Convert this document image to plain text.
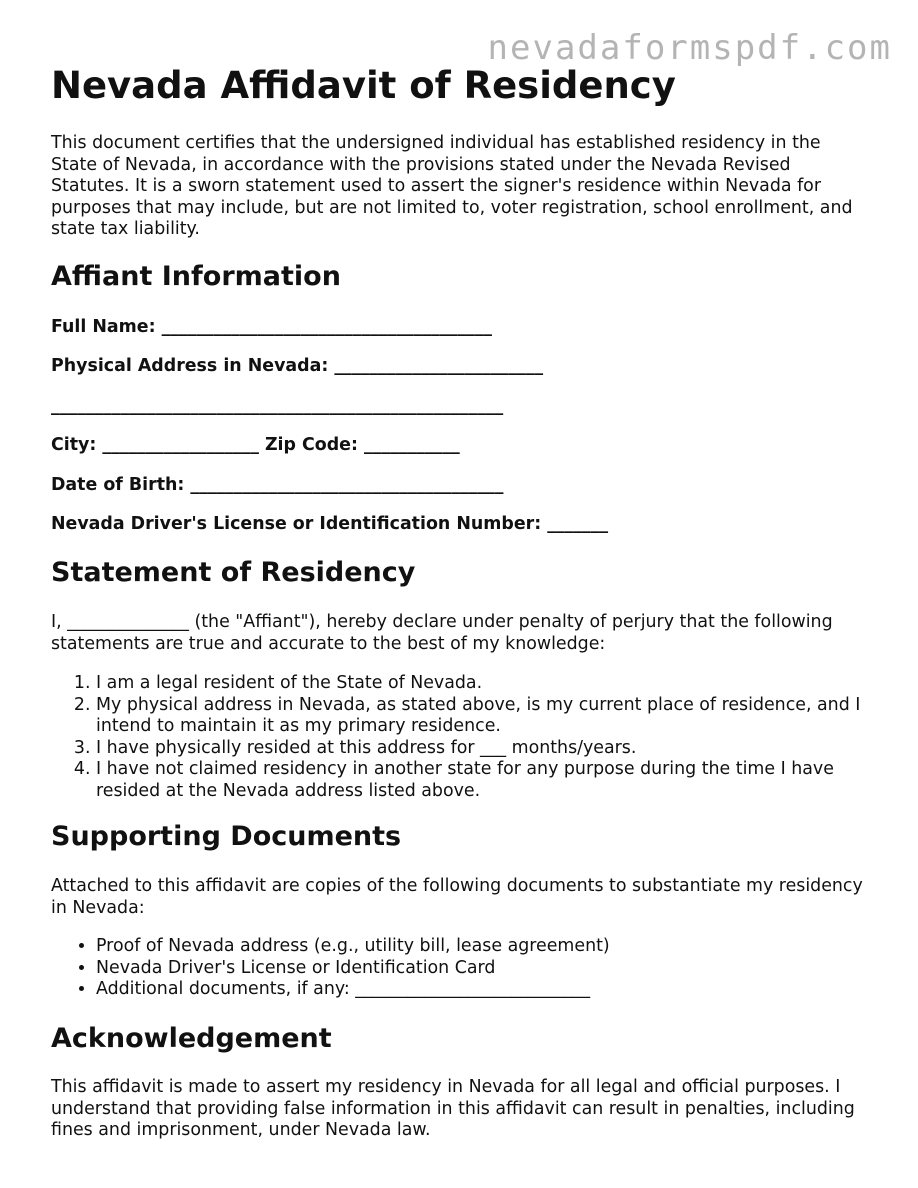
nevadaformspdf.com
Nevada Affidavit of Residency

This document certifies that the undersigned individual has established residency in the State of Nevada, in accordance with the provisions stated under the Nevada Revised Statutes. It is a sworn statement used to assert the signer's residence within Nevada for purposes that may include, but are not limited to, voter registration, school enrollment, and state tax liability.

Affiant Information
Full Name: ______________________________________
Physical Address in Nevada: ________________________
____________________________________________________
City: __________________ Zip Code: ___________
Date of Birth: ____________________________________
Nevada Driver's License or Identification Number: _______
Statement of Residency

I, ______________ (the "Affiant"), hereby declare under penalty of perjury that the following statements are true and accurate to the best of my knowledge:

1. I am a legal resident of the State of Nevada.
2. My physical address in Nevada, as stated above, is my current place of residence, and I intend to maintain it as my primary residence.
3. I have physically resided at this address for ___ months/years.
4. I have not claimed residency in another state for any purpose during the time I have resided at the Nevada address listed above.
Supporting Documents

Attached to this affidavit are copies of the following documents to substantiate my residency in Nevada:

• Proof of Nevada address (e.g., utility bill, lease agreement)
• Nevada Driver's License or Identification Card
• Additional documents, if any: ___________________________
Acknowledgement

This affidavit is made to assert my residency in Nevada for all legal and official purposes. I understand that providing false information in this affidavit can result in penalties, including fines and imprisonment, under Nevada law.
